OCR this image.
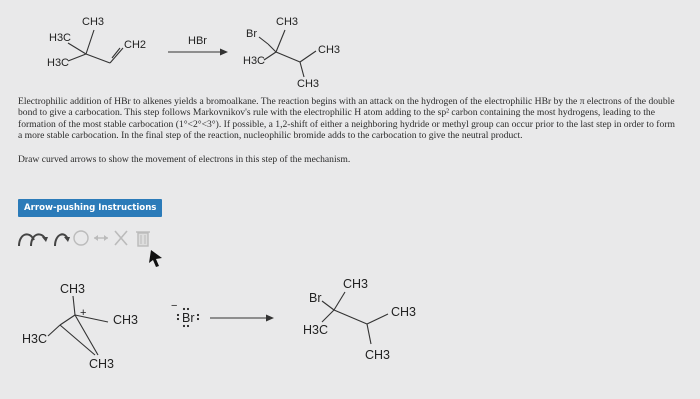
CH3
H3C
H3C
CH2	HBr
CH3
Br
CH3
H3C
CH3
CH3
+ CH3
H3C
CH3
Br
−
CH3
Br
CH3
H3C
CH3

Electrophilic addition of HBr to alkenes yields a bromoalkane. The reaction begins with an attack on the hydrogen of the electrophilic HBr by the π electrons of the double bond to give a carbocation. This step follows Markovnikov's rule with the electrophilic H atom adding to the sp² carbon containing the most hydrogens, leading to the formation of the most stable carbocation (1°<2°<3°). If possible, a 1,2-shift of either a neighboring hydride or methyl group can occur prior to the last step in order to form a more stable carbocation. In the final step of the reaction, nucleophilic bromide adds to the carbocation to give the neutral product.

Draw curved arrows to show the movement of electrons in this step of the mechanism.

Arrow-pushing Instructions
